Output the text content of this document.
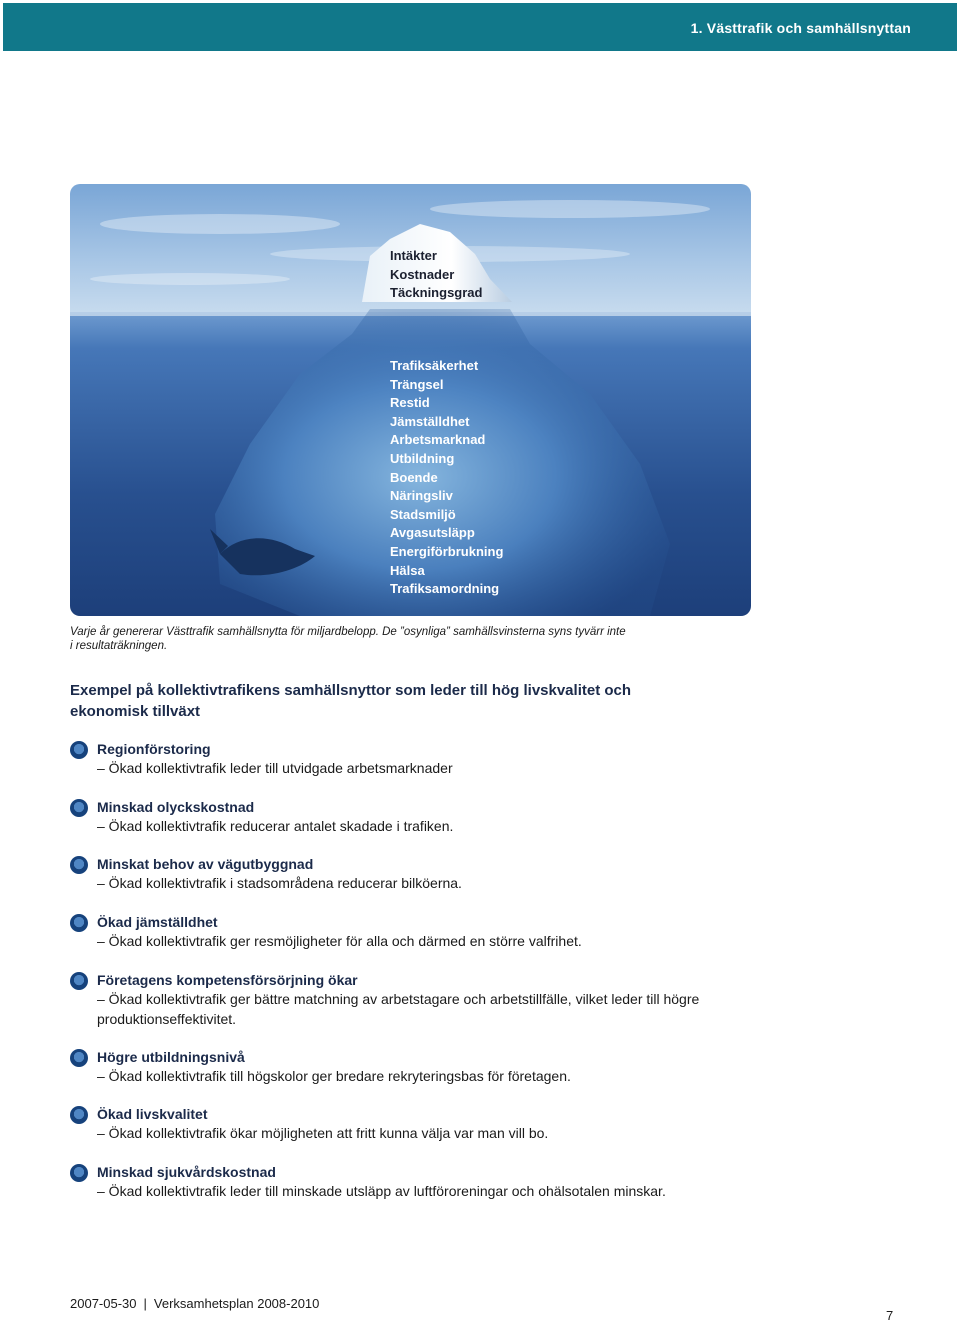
1. Västtrafik och samhällsnyttan
Intäkter
Kostnader
Täckningsgrad
Trafiksäkerhet
Trängsel
Restid
Jämställdhet
Arbetsmarknad
Utbildning
Boende
Näringsliv
Stadsmiljö
Avgasutsläpp
Energiförbrukning
Hälsa
Trafiksamordning
Varje år genererar Västtrafik samhällsnytta för miljardbelopp. De ”osynliga” samhällsvinsterna syns tyvärr inte i resultaträkningen.
Exempel på kollektivtrafikens samhällsnyttor som leder till hög livskvalitet och ekonomisk tillväxt
Regionförstoring
– Ökad kollektivtrafik leder till utvidgade arbetsmarknader
Minskad olyckskostnad
– Ökad kollektivtrafik reducerar antalet skadade i trafiken.
Minskat behov av vägutbyggnad
– Ökad kollektivtrafik i stadsområdena reducerar bilköerna.
Ökad jämställdhet
– Ökad kollektivtrafik ger resmöjligheter för alla och därmed en större valfrihet.
Företagens kompetensförsörjning ökar
– Ökad kollektivtrafik ger bättre matchning av arbetstagare och arbetstillfälle, vilket leder till högre produktionseffektivitet.
Högre utbildningsnivå
– Ökad kollektivtrafik till högskolor ger bredare rekryteringsbas för företagen.
Ökad livskvalitet
– Ökad kollektivtrafik ökar möjligheten att fritt kunna välja var man vill bo.
Minskad sjukvårdskostnad
– Ökad kollektivtrafik leder till minskade utsläpp av luftföroreningar och ohälsotalen minskar.
2007-05-30 | Verksamhetsplan 2008-2010
7
